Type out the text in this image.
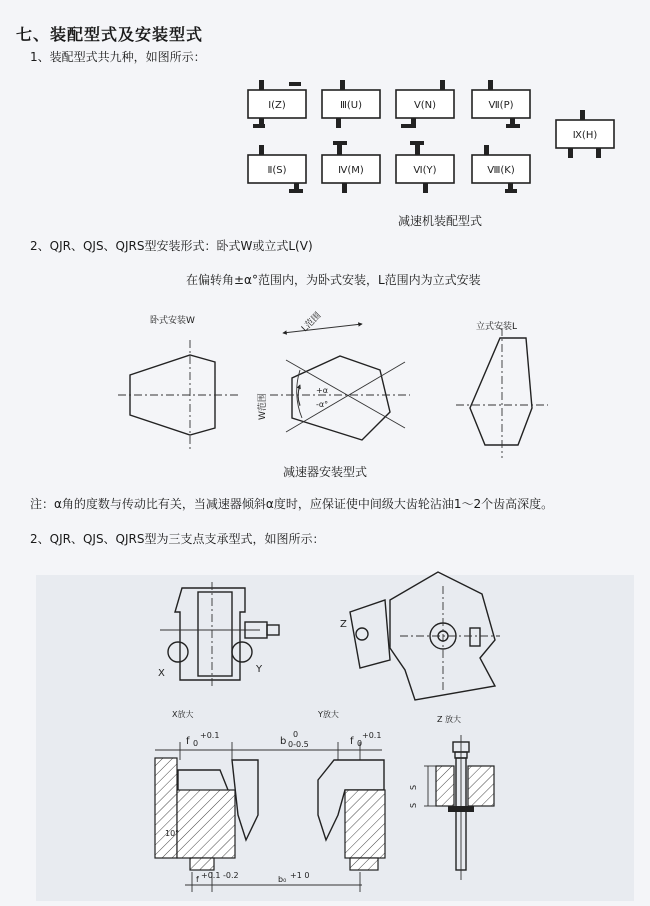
七、装配型式及安装型式
1、装配型式共九种，如图所示：
减速机装配型式
2、QJR、QJS、QJRS型安装形式：卧式W或立式L(V)
在偏转角±α°范围内，为卧式安装，L范围内为立式安装
卧式安装W
立式安装L
减速器安装型式
注：α角的度数与传动比有关，当减速器倾斜α度时，应保证使中间级大齿轮沾油1～2个齿高深度。
2、QJR、QJS、QJRS型为三支点支承型式，如图所示：
Ⅰ(Z)	Ⅲ(U)	Ⅴ(N)	Ⅶ(P)
Ⅱ(S)	Ⅳ(M)	Ⅵ(Y)	Ⅷ(K)
Ⅸ(H)
L范围
W范围
+α
-α°
X	Y
Z
X放大	Y放大
Z 放大
f 0
+0.1
b 0-0.5
0
f 0
+0.1
10°
f +0.1 -0.2	b₀ +1 0
S
S
